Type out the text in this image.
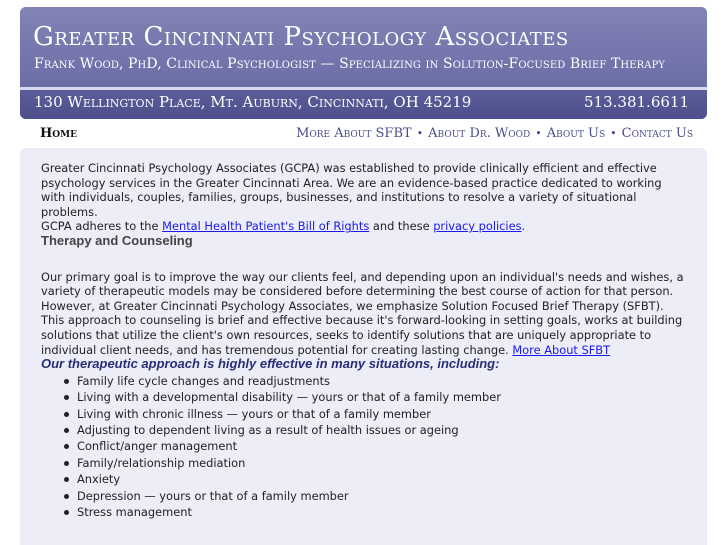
Greater Cincinnati Psychology Associates
Frank Wood, PhD, Clinical Psychologist — Specializing in Solution-Focused Brief Therapy
130 Wellington Place, Mt. Auburn, Cincinnati, OH 45219	513.381.6611
Home	More About SFBT • About Dr. Wood • About Us • Contact Us

Greater Cincinnati Psychology Associates (GCPA) was established to provide clinically efficient and effective psychology services in the Greater Cincinnati Area. We are an evidence-based practice dedicated to working with individuals, couples, families, groups, businesses, and institutions to resolve a variety of situational problems.

GCPA adheres to the Mental Health Patient's Bill of Rights and these privacy policies.

Therapy and Counseling

Our primary goal is to improve the way our clients feel, and depending upon an individual's needs and wishes, a variety of therapeutic models may be considered before determining the best course of action for that person. However, at Greater Cincinnati Psychology Associates, we emphasize Solution Focused Brief Therapy (SFBT). This approach to counseling is brief and effective because it's forward-looking in setting goals, works at building solutions that utilize the client's own resources, seeks to identify solutions that are uniquely appropriate to individual client needs, and has tremendous potential for creating lasting change. More About SFBT

Our therapeutic approach is highly effective in many situations, including:
Family life cycle changes and readjustments
Living with a developmental disability — yours or that of a family member
Living with chronic illness — yours or that of a family member
Adjusting to dependent living as a result of health issues or ageing
Conflict/anger management
Family/relationship mediation
Anxiety
Depression — yours or that of a family member
Stress management
